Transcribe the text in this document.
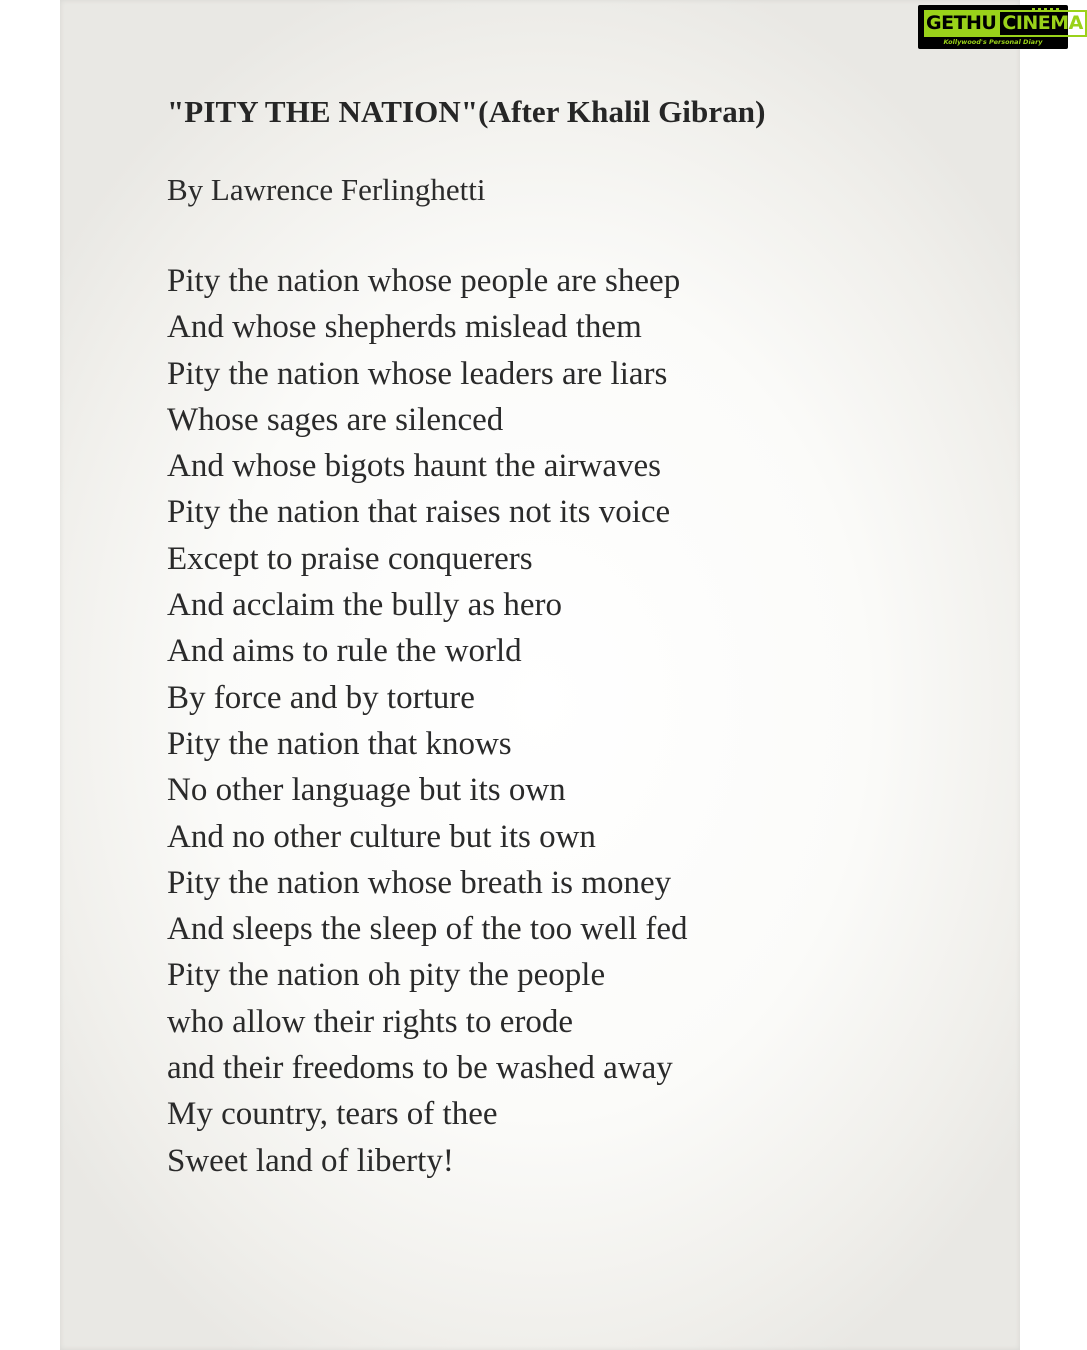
"PITY THE NATION"(After Khalil Gibran)

By Lawrence Ferlinghetti

Pity the nation whose people are sheep
And whose shepherds mislead them
Pity the nation whose leaders are liars
Whose sages are silenced
And whose bigots haunt the airwaves
Pity the nation that raises not its voice
Except to praise conquerers
And acclaim the bully as hero
And aims to rule the world
By force and by torture
Pity the nation that knows
No other language but its own
And no other culture but its own
Pity the nation whose breath is money
And sleeps the sleep of the too well fed
Pity the nation oh pity the people
who allow their rights to erode
and their freedoms to be washed away
My country, tears of thee
Sweet land of liberty!
GETHU CINEMA
Kollywood's Personal Diary
